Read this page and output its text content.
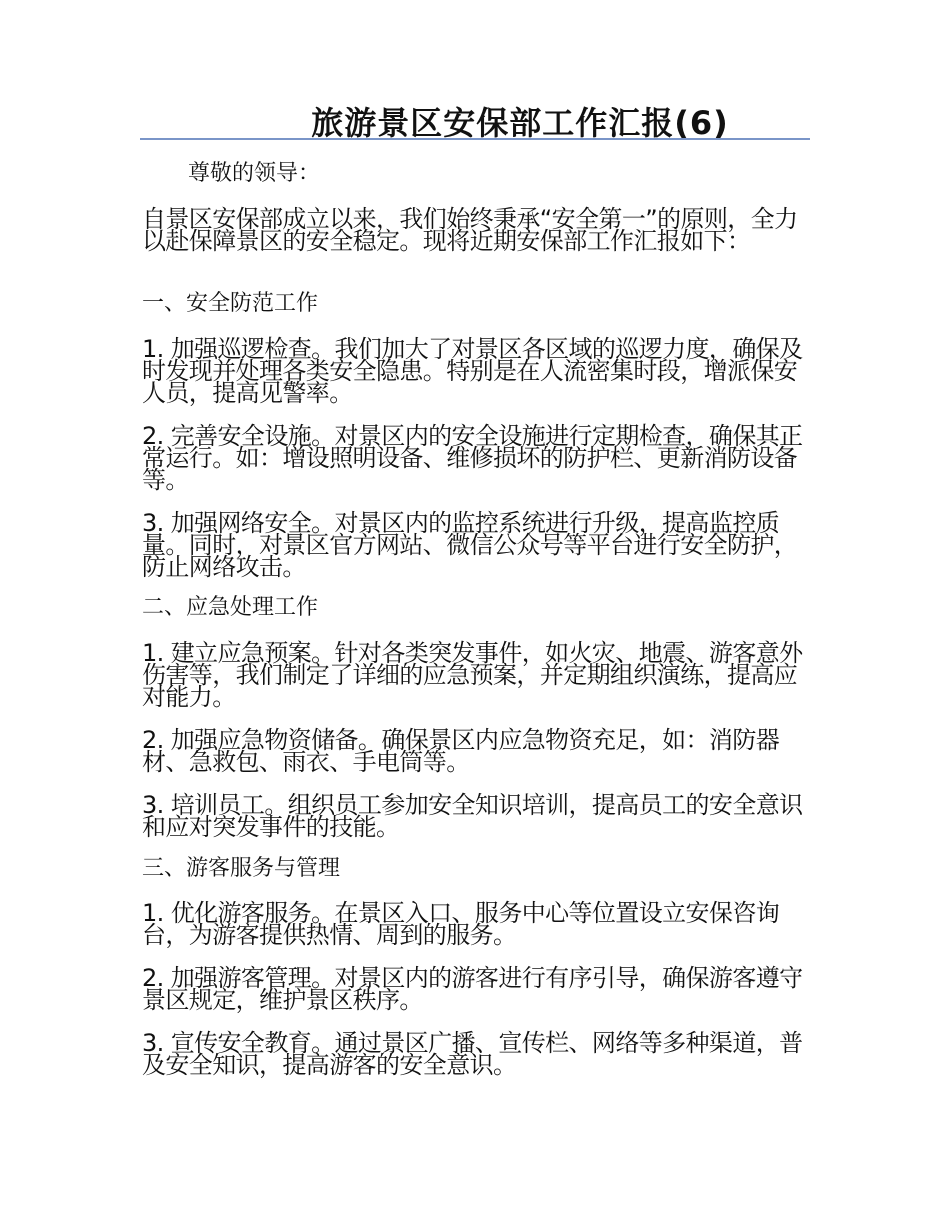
旅游景区安保部工作汇报(6)

尊敬的领导：

自景区安保部成立以来，我们始终秉承“安全第一”的原则，全力以赴保障景区的安全稳定。现将近期安保部工作汇报如下：

一、安全防范工作

1. 加强巡逻检查。我们加大了对景区各区域的巡逻力度，确保及时发现并处理各类安全隐患。特别是在人流密集时段，增派保安人员，提高见警率。

2. 完善安全设施。对景区内的安全设施进行定期检查，确保其正常运行。如：增设照明设备、维修损坏的防护栏、更新消防设备等。

3. 加强网络安全。对景区内的监控系统进行升级，提高监控质量。同时，对景区官方网站、微信公众号等平台进行安全防护，防止网络攻击。

二、应急处理工作

1. 建立应急预案。针对各类突发事件，如火灾、地震、游客意外伤害等，我们制定了详细的应急预案，并定期组织演练，提高应对能力。

2. 加强应急物资储备。确保景区内应急物资充足，如：消防器材、急救包、雨衣、手电筒等。

3. 培训员工。组织员工参加安全知识培训，提高员工的安全意识和应对突发事件的技能。

三、游客服务与管理

1. 优化游客服务。在景区入口、服务中心等位置设立安保咨询台，为游客提供热情、周到的服务。

2. 加强游客管理。对景区内的游客进行有序引导，确保游客遵守景区规定，维护景区秩序。

3. 宣传安全教育。通过景区广播、宣传栏、网络等多种渠道，普及安全知识，提高游客的安全意识。
